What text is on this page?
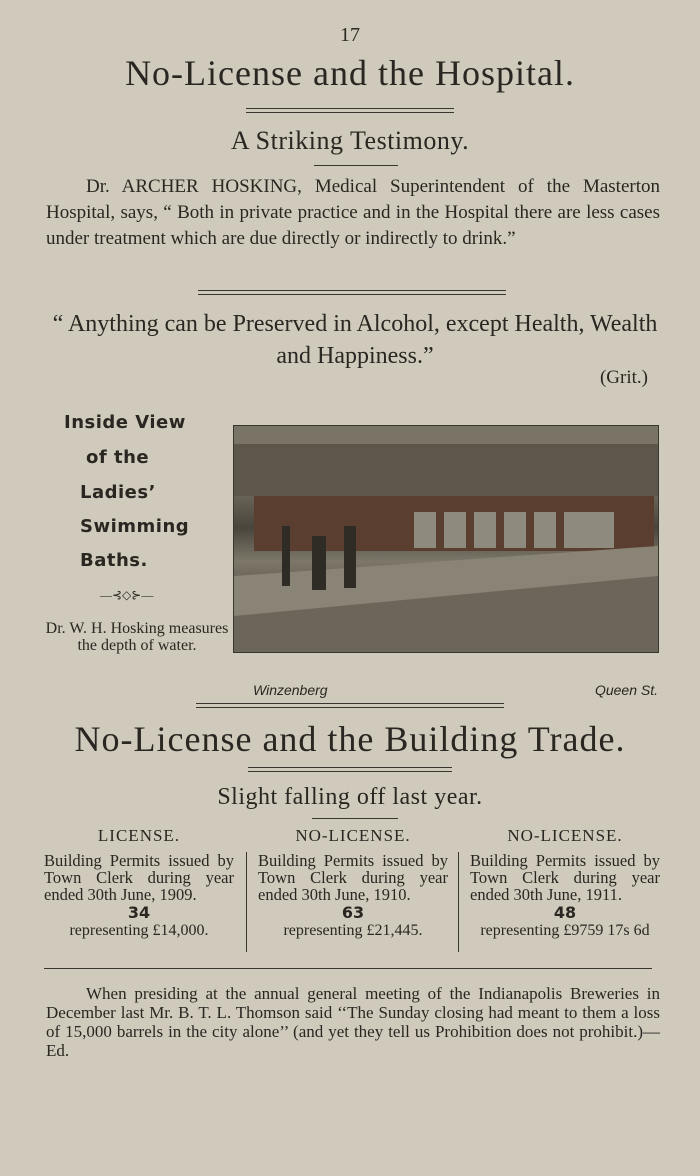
17
No-License and the Hospital.
A Striking Testimony.
Dr. ARCHER HOSKING, Medical Superintendent of the Masterton Hospital, says, “ Both in private practice and in the Hospital there are less cases under treatment which are due directly or indirectly to drink.”
“ Anything can be Preserved in Alcohol, except Health, Wealth and Happiness.”
(Grit.)
Inside View
of the
Ladies’
Swimming
Baths.
—⊰◇⊱—
Dr. W. H. Hosking measures the depth of water.
Winzenberg	Queen St.
No-License and the Building Trade.
Slight falling off last year.
LICENSE.
Building Permits issued by Town Clerk during year ended 30th June, 1909.
34
representing £14,000.
NO-LICENSE.
Building Permits issued by Town Clerk during year ended 30th June, 1910.
63
representing £21,445.
NO-LICENSE.
Building Permits issued by Town Clerk during year ended 30th June, 1911.
48
representing £9759 17s 6d
When presiding at the annual general meeting of the Indianapolis Breweries in December last Mr. B. T. L. Thomson said ‘‘The Sunday closing had meant to them a loss of 15,000 barrels in the city alone’’ (and yet they tell us Prohibition does not prohibit.)—Ed.
